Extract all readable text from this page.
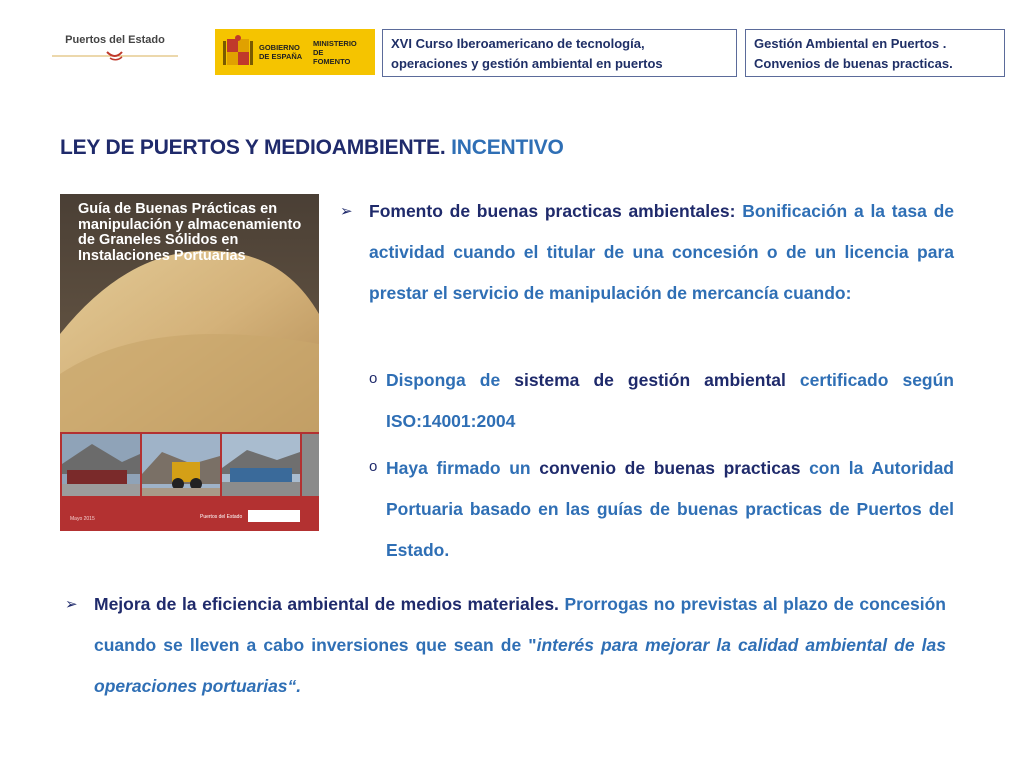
Puertos del Estado
GOBIERNO
DE ESPAÑA
MINISTERIO
DE FOMENTO
XVI Curso Iberoamericano de tecnología,
operaciones y gestión ambiental en puertos
Gestión Ambiental en Puertos .
Convenios de buenas practicas.
LEY DE PUERTOS Y MEDIOAMBIENTE. INCENTIVO
Guía de Buenas Prácticas en manipulación y almacenamiento de Graneles Sólidos en Instalaciones Portuarias
Mayo 2015	Puertos del Estado
➢ Fomento de buenas practicas ambientales: Bonificación a la tasa de actividad cuando el titular de una concesión o de un licencia para prestar el servicio de manipulación de mercancía cuando:
o Disponga de sistema de gestión ambiental certificado según ISO:14001:2004
o Haya firmado un convenio de buenas practicas con la Autoridad Portuaria basado en las guías de buenas practicas de Puertos del Estado.
➢ Mejora de la eficiencia ambiental de medios materiales. Prorrogas no previstas al plazo de concesión cuando se lleven a cabo inversiones que sean de "interés para mejorar la calidad ambiental de las operaciones portuarias“.
